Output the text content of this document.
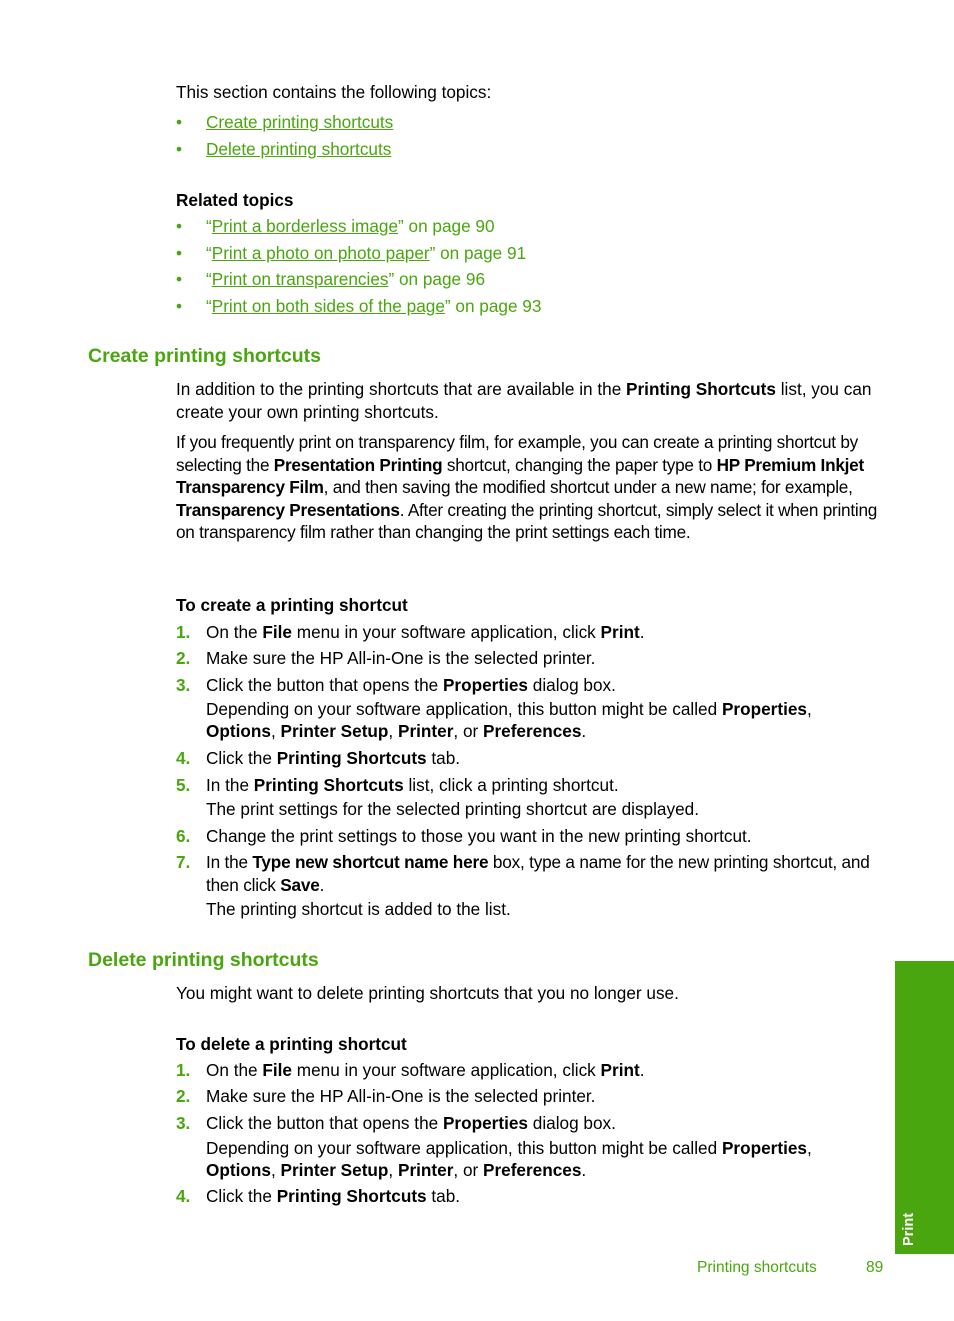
This section contains the following topics:
• Create printing shortcuts
• Delete printing shortcuts
Related topics
• “Print a borderless image” on page 90
• “Print a photo on photo paper” on page 91
• “Print on transparencies” on page 96
• “Print on both sides of the page” on page 93
Create printing shortcuts
In addition to the printing shortcuts that are available in the Printing Shortcuts list, you can create your own printing shortcuts.
If you frequently print on transparency film, for example, you can create a printing shortcut by selecting the Presentation Printing shortcut, changing the paper type to HP Premium Inkjet Transparency Film, and then saving the modified shortcut under a new name; for example, Transparency Presentations. After creating the printing shortcut, simply select it when printing on transparency film rather than changing the print settings each time.
To create a printing shortcut
1. On the File menu in your software application, click Print.
2. Make sure the HP All-in-One is the selected printer.
3. Click the button that opens the Properties dialog box.
Depending on your software application, this button might be called Properties,
Options, Printer Setup, Printer, or Preferences.
4. Click the Printing Shortcuts tab.
5. In the Printing Shortcuts list, click a printing shortcut.
The print settings for the selected printing shortcut are displayed.
6. Change the print settings to those you want in the new printing shortcut.
7. In the Type new shortcut name here box, type a name for the new printing shortcut, and then click Save.
The printing shortcut is added to the list.
Delete printing shortcuts
You might want to delete printing shortcuts that you no longer use.
To delete a printing shortcut
1. On the File menu in your software application, click Print.
2. Make sure the HP All-in-One is the selected printer.
3. Click the button that opens the Properties dialog box.
Depending on your software application, this button might be called Properties,
Options, Printer Setup, Printer, or Preferences.
4. Click the Printing Shortcuts tab.
Print
Printing shortcuts	89
